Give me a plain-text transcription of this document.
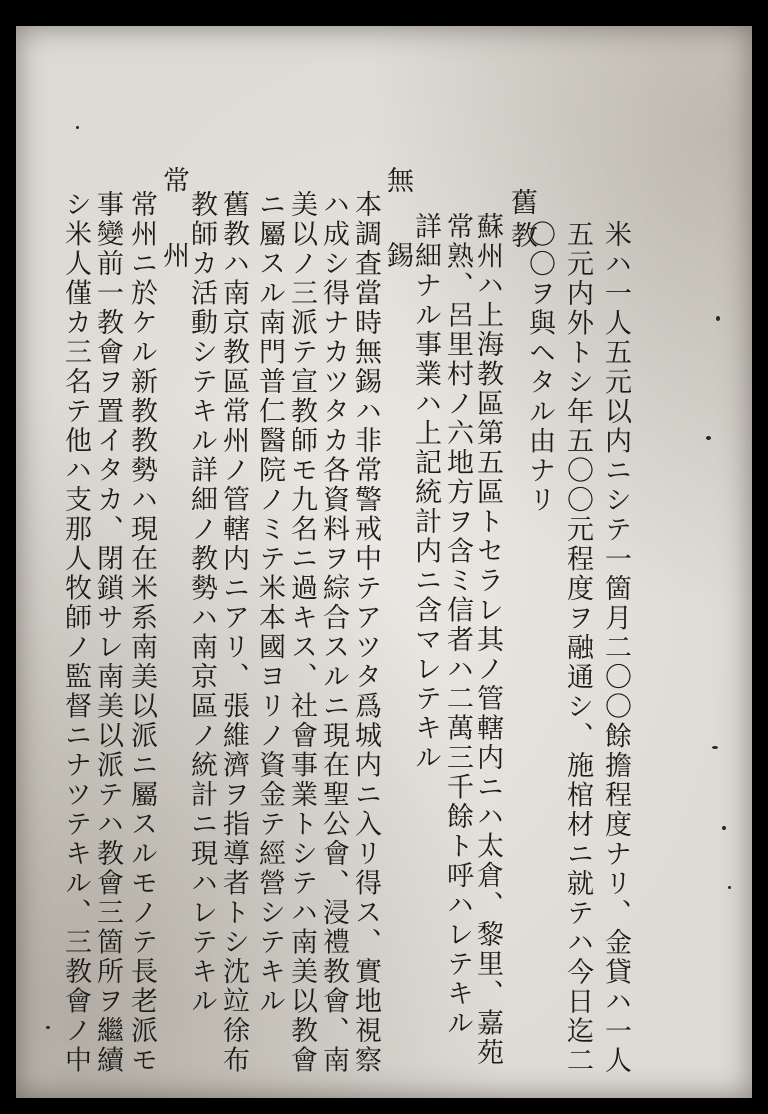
米ハ一人五元以内ニシテ一箇月二〇〇餘擔程度ナリ、金貸ハ一人
五元内外トシ年五〇〇元程度ヲ融通シ、施棺材ニ就テハ今日迄二
〇〇ヲ與ヘタル由ナリ
舊教
蘇州ハ上海教區第五區トセラレ其ノ管轄内ニハ太倉、黎里、嘉苑
常熟、呂里村ノ六地方ヲ含ミ信者ハ二萬三千餘ト呼ハレテキル
詳細ナル事業ハ上記統計内ニ含マレテキル
無錫
本調査當時無錫ハ非常警戒中テアツタ爲城内ニ入リ得ス、實地視察
ハ成シ得ナカツタカ各資料ヲ綜合スルニ現在聖公會、浸禮教會、南
美以ノ三派テ宣教師モ九名ニ過キス、社會事業トシテハ南美以教會
ニ屬スル南門普仁醫院ノミテ米本國ヨリノ資金テ經營シテキル
舊教ハ南京教區常州ノ管轄内ニアリ、張維濟ヲ指導者トシ沈竝徐布
教師カ活動シテキル詳細ノ教勢ハ南京區ノ統計ニ現ハレテキル
常州
常州ニ於ケル新教教勢ハ現在米系南美以派ニ屬スルモノテ長老派モ
事變前一教會ヲ置イタカ、閉鎖サレ南美以派テハ教會三箇所ヲ繼續
シ米人僅カ三名テ他ハ支那人牧師ノ監督ニナツテキル、三教會ノ中
